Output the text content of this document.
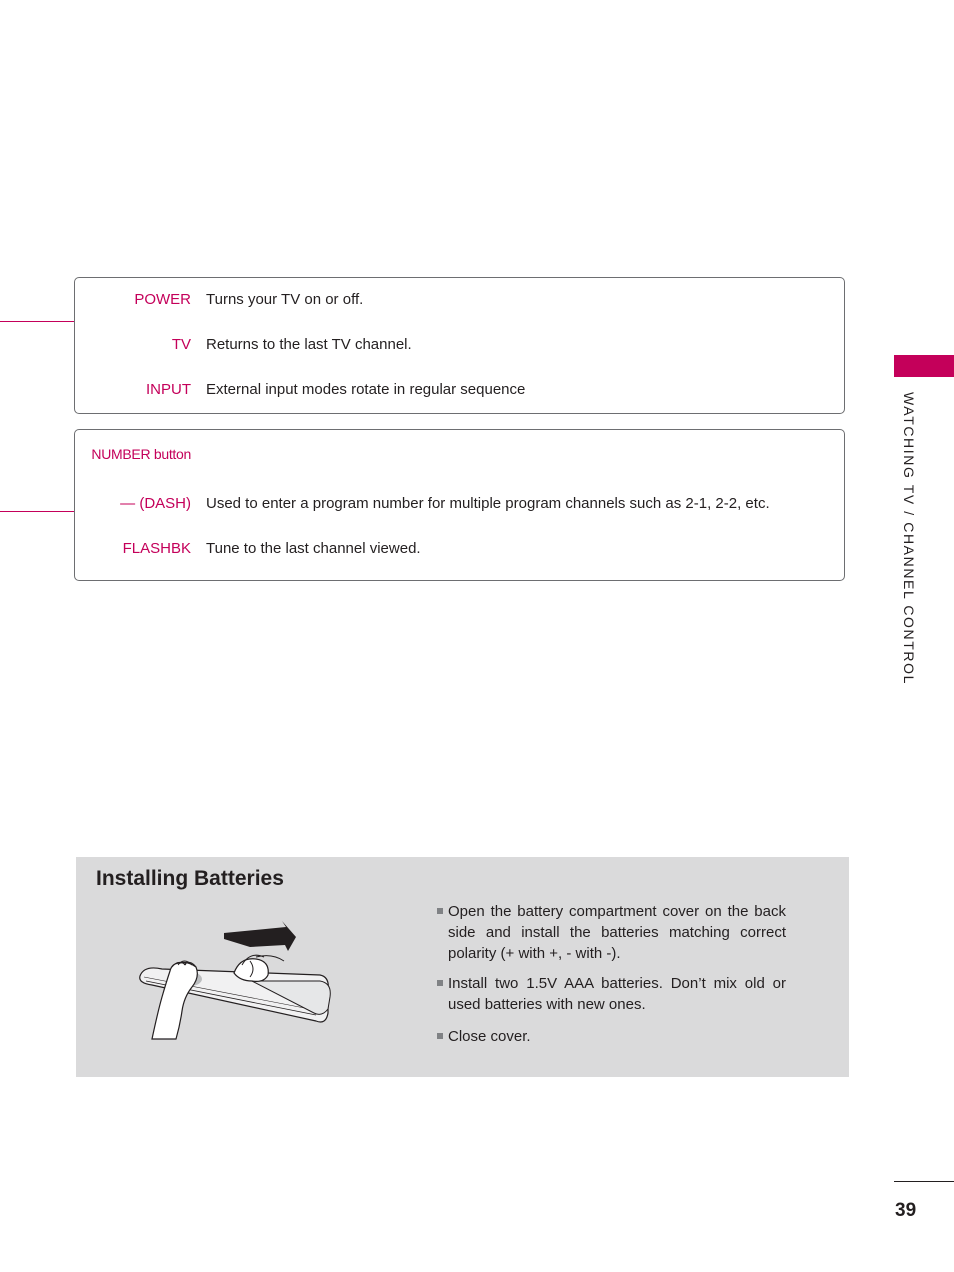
POWER Turns your TV on or off.
TV Returns to the last TV channel.
INPUT External input modes rotate in regular sequence
NUMBER button
— (DASH) Used to enter a program number for multiple program channels such as 2-1, 2-2, etc.
FLASHBK Tune to the last channel viewed.	WATCHING TV / CHANNEL CONTROL
Installing Batteries
Open the battery compartment cover on the back side and install the batteries matching correct polarity (+ with +, - with -).
Install two 1.5V AAA batteries. Don’t mix old or used batteries with new ones.
Close cover.
39
